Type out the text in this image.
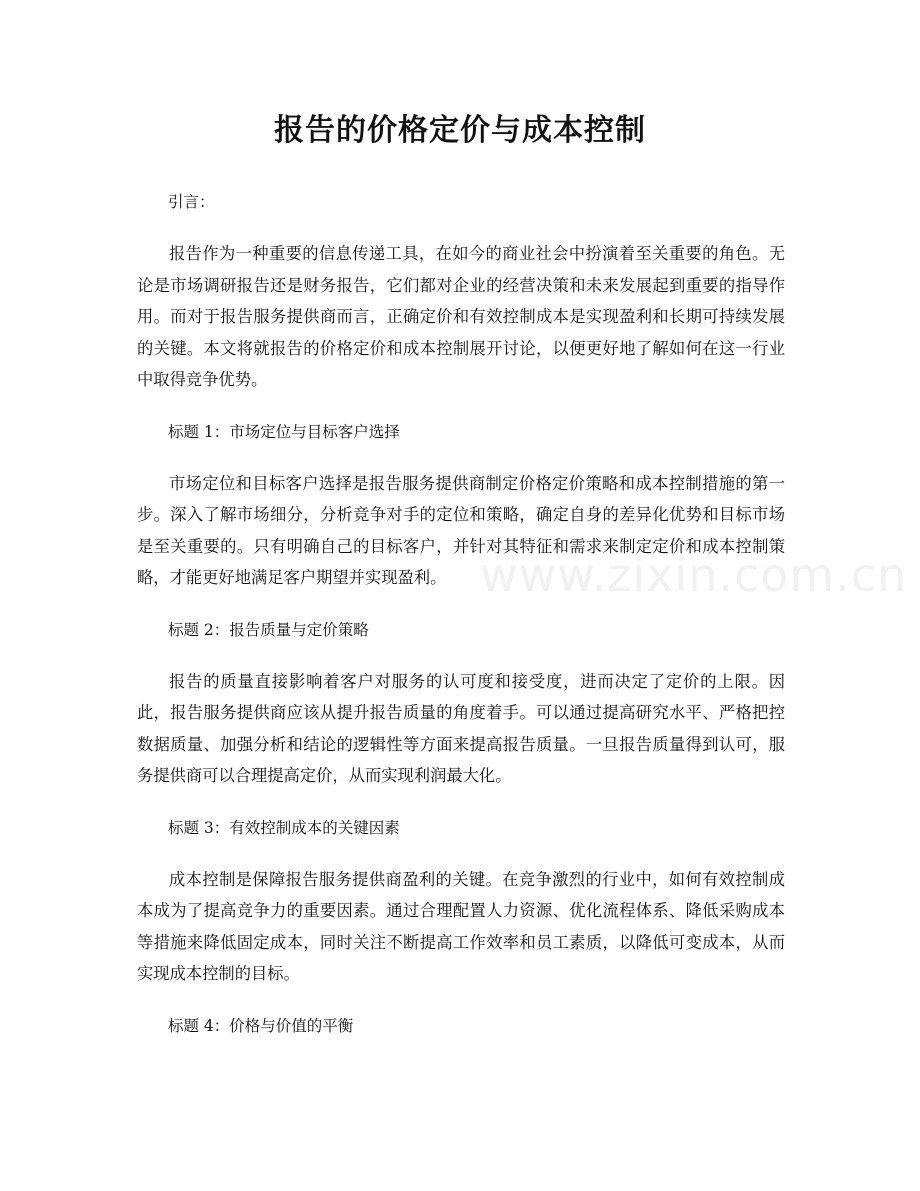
报告的价格定价与成本控制

引言：

报告作为一种重要的信息传递工具，在如今的商业社会中扮演着至关重要的角色。无论是市场调研报告还是财务报告，它们都对企业的经营决策和未来发展起到重要的指导作用。而对于报告服务提供商而言，正确定价和有效控制成本是实现盈利和长期可持续发展的关键。本文将就报告的价格定价和成本控制展开讨论，以便更好地了解如何在这一行业中取得竞争优势。

标题 1：市场定位与目标客户选择

市场定位和目标客户选择是报告服务提供商制定价格定价策略和成本控制措施的第一步。深入了解市场细分，分析竞争对手的定位和策略，确定自身的差异化优势和目标市场是至关重要的。只有明确自己的目标客户，并针对其特征和需求来制定定价和成本控制策略，才能更好地满足客户期望并实现盈利。

标题 2：报告质量与定价策略

报告的质量直接影响着客户对服务的认可度和接受度，进而决定了定价的上限。因此，报告服务提供商应该从提升报告质量的角度着手。可以通过提高研究水平、严格把控数据质量、加强分析和结论的逻辑性等方面来提高报告质量。一旦报告质量得到认可，服务提供商可以合理提高定价，从而实现利润最大化。

标题 3：有效控制成本的关键因素

成本控制是保障报告服务提供商盈利的关键。在竞争激烈的行业中，如何有效控制成本成为了提高竞争力的重要因素。通过合理配置人力资源、优化流程体系、降低采购成本等措施来降低固定成本，同时关注不断提高工作效率和员工素质，以降低可变成本，从而实现成本控制的目标。

标题 4：价格与价值的平衡

www.zixin.com.cn
